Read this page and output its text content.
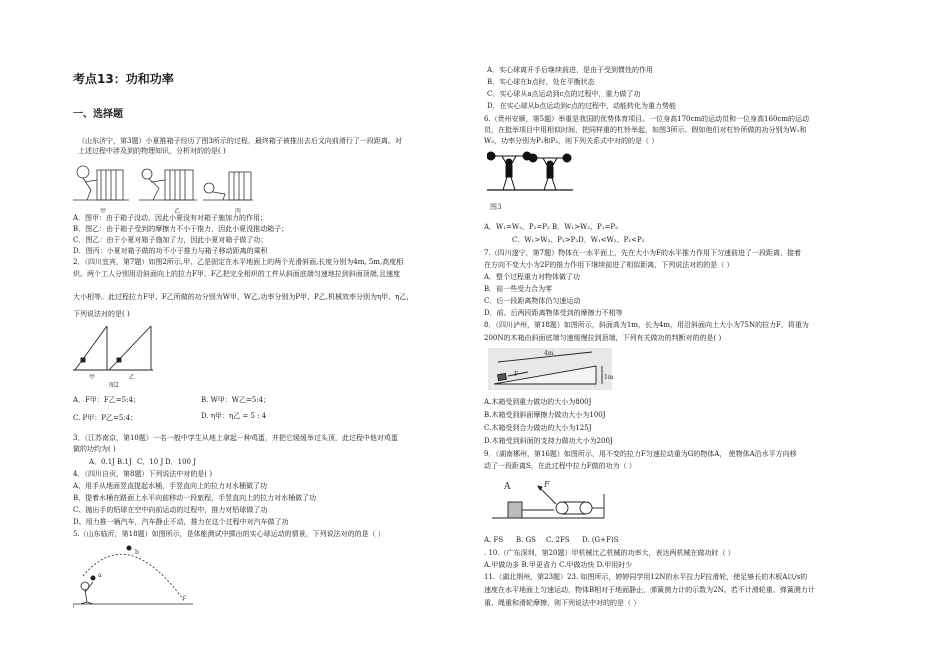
考点13：功和功率
一、选择题
（山东济宁，第3题）小夏推箱子经历了图3所示的过程，最终箱子被推出去后又向前滑行了一段距离。对
上述过程中涉及到的物理知识，分析对的的是( )
甲	乙	丙
A．图甲：由于箱子没动，因此小夏没有对箱子施加力的作用；
B．图乙：由于箱子受到的摩擦力不小于推力，因此小夏没推动箱子；
C．图乙：由于小夏对箱子施加了力，因此小夏对箱子做了功；
D．图丙：小夏对箱子做的功不小于推力与箱子移动距离的乘积
2．（四川宜宾，第7题）如图2所示,甲、乙是固定在水平地面上的两个光滑斜面,长度分别为4m, 5m,高度相
炽。两个工人分别用沿斜面向上的拉力F甲、F乙把完全相炽的工件从斜面底端匀速地拉到斜面顶端,且速度
大小相等。此过程拉力F甲、F乙所做的功分别为W甲、W乙,功率分别为P甲、P乙,机械效率分别为η甲、η乙，
下列说法对的是( )
甲	乙
图2
A．F甲：F乙=5:4；	B. W甲：W乙=5:4；
C. P甲：P乙=5:4；	D. η甲：η乙 = 5 : 4
3．（江苏南京，第10题）一名一般中学生从地上拿起一种鸡蛋，并把它缓缓举过头顶，此过程中他对鸡蛋
做的功约为( )
A．0.1J B.1J C．10 J D．100 J
4．（四川自贡，第8题）下列说法中对的是( )
A、用手从地面竖直提起水桶，手竖直向上的拉力对水桶做了功
B、提着水桶在路面上水平向前移动一段旅程，手竖直向上的拉力对水桶做了功
C、抛出手的铅球在空中向前运动的过程中，推力对铅球做了功
D、用力推一辆汽车，汽车静止不动，推力在这个过程中对汽车做了功
5.（山东临沂，第18题）如图所示，是体能测试中掷出的实心球运动的情景，下列说法对的的是（ ）
a
b
c
A．实心球离开手后继续前进，是由于受到惯性的作用
B．实心球在b点时，处在平衡状态
C．实心球从a点运动到c点的过程中，重力做了功
D．在实心球从b点运动到c点的过程中，动能转化为重力势能
6.（贵州安顺，第5题）举重是我国的优势体育项目。一位身高170cm的运动员和一位身高160cm的运动
员，在挺举项目中用相似时间，把同样重的杠铃举起，如图3所示。假如他们对杠铃所做的功分别为W₁和
W₂，功率分别为P₁和P₂，则下列关系式中对的的是（ ）
图3
A．W₁=W₂、P₁=P₂ B．W₁>W₂、P₁=P₂
C．W₁>W₂、P₁>P₂D．W₁<W₂、P₁<P₂
7.（四川遂宁，第7题）物体在一水平面上，先在大小为F的水平推力作用下匀速前进了一段距离，接着
在方向不变大小为2F的推力作用下继续前进了相似距离，下列说法对的的是（ ）
A．整个过程重力对物体做了功
B．前一些受力合为零
C．后一段距离物体仍匀速运动
D．前、后两段距离物体受到的摩擦力不相等
8．（四川泸州，第18题）如图所示，斜面高为1m，长为4m，用沿斜面向上大小为75N的拉力F，将重为
200N的木箱由斜面底端匀速缓慢拉到顶端，下列有关做功的判断对的的是( )
4m
F	1m
A.木箱受到重力做功的大小为800J
B.木箱受到斜面摩擦力做功大小为100J
C.木箱受到合力做功的大小为125J
D.木箱受到斜面的支持力做功大小为200J
9．（湖南郴州，第16题）如图所示，用不变的拉力F匀速拉动重为G的物体A， 使物体A沿水平方向移
动了一段距离S，在此过程中拉力F做的功为（ ）
A	F
A. FS B. GS C. 2FS D. (G+F)S
. 10.（广东深圳，第20题）甲机械比乙机械的功率大，表达两机械在做功时（ ）
A.甲做功多 B.甲更省力 C.甲做功快 D.甲用时少
11.（湖北荆州，第23题）23. 如图所示，婷婷同学用12N的水平拉力F拉滑轮，使足够长的木板A以/s的
速度在水平地面上匀速运动，物体B相对于地面静止，弹簧测力计的示数为2N。若不计滑轮重、弹簧测力计
重、绳重和滑轮摩擦，则下列说法中对的的是（ ）
